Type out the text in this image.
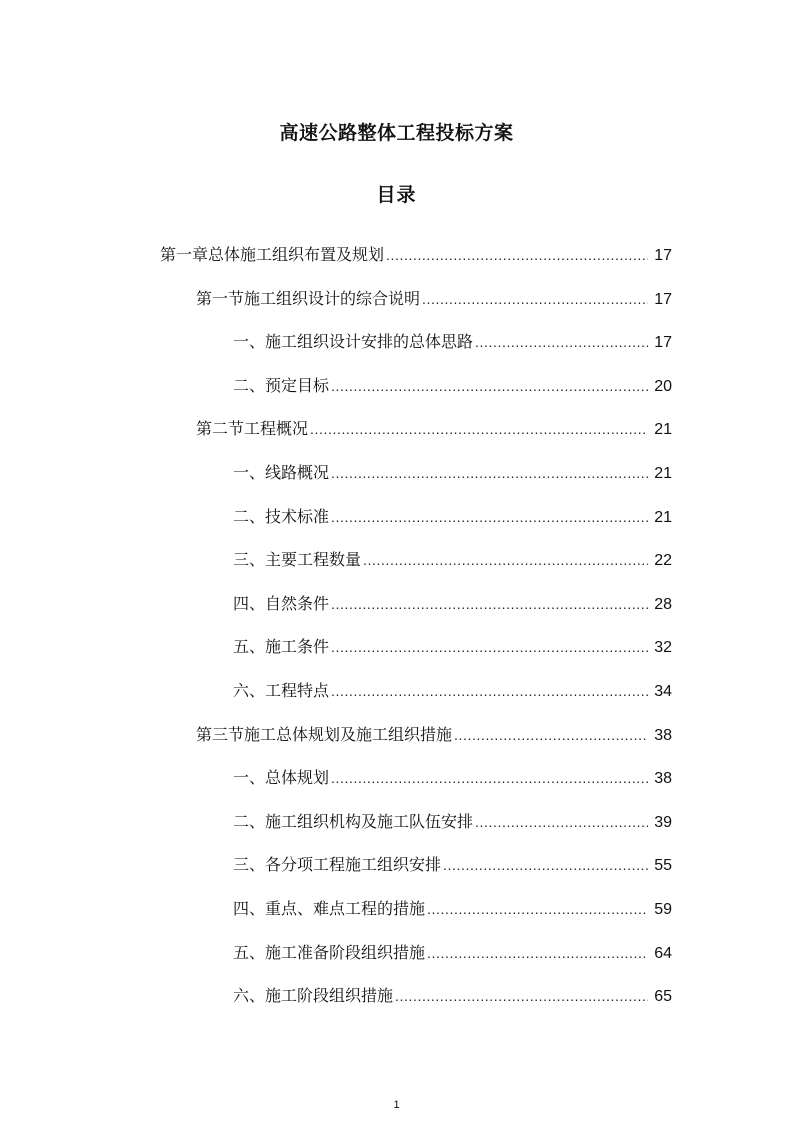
高速公路整体工程投标方案
目录
第一章总体施工组织布置及规划 .....	17
第一节施工组织设计的综合说明 .....	17
一、施工组织设计安排的总体思路 .....	17
二、预定目标 .....	20
第二节工程概况 .....	21
一、线路概况 .....	21
二、技术标准 .....	21
三、主要工程数量 .....	22
四、自然条件 .....	28
五、施工条件 .....	32
六、工程特点 .....	34
第三节施工总体规划及施工组织措施 .....	38
一、总体规划 .....	38
二、施工组织机构及施工队伍安排 .....	39
三、各分项工程施工组织安排 .....	55
四、重点、难点工程的措施 .....	59
五、施工准备阶段组织措施 .....	64
六、施工阶段组织措施 .....	65
1
